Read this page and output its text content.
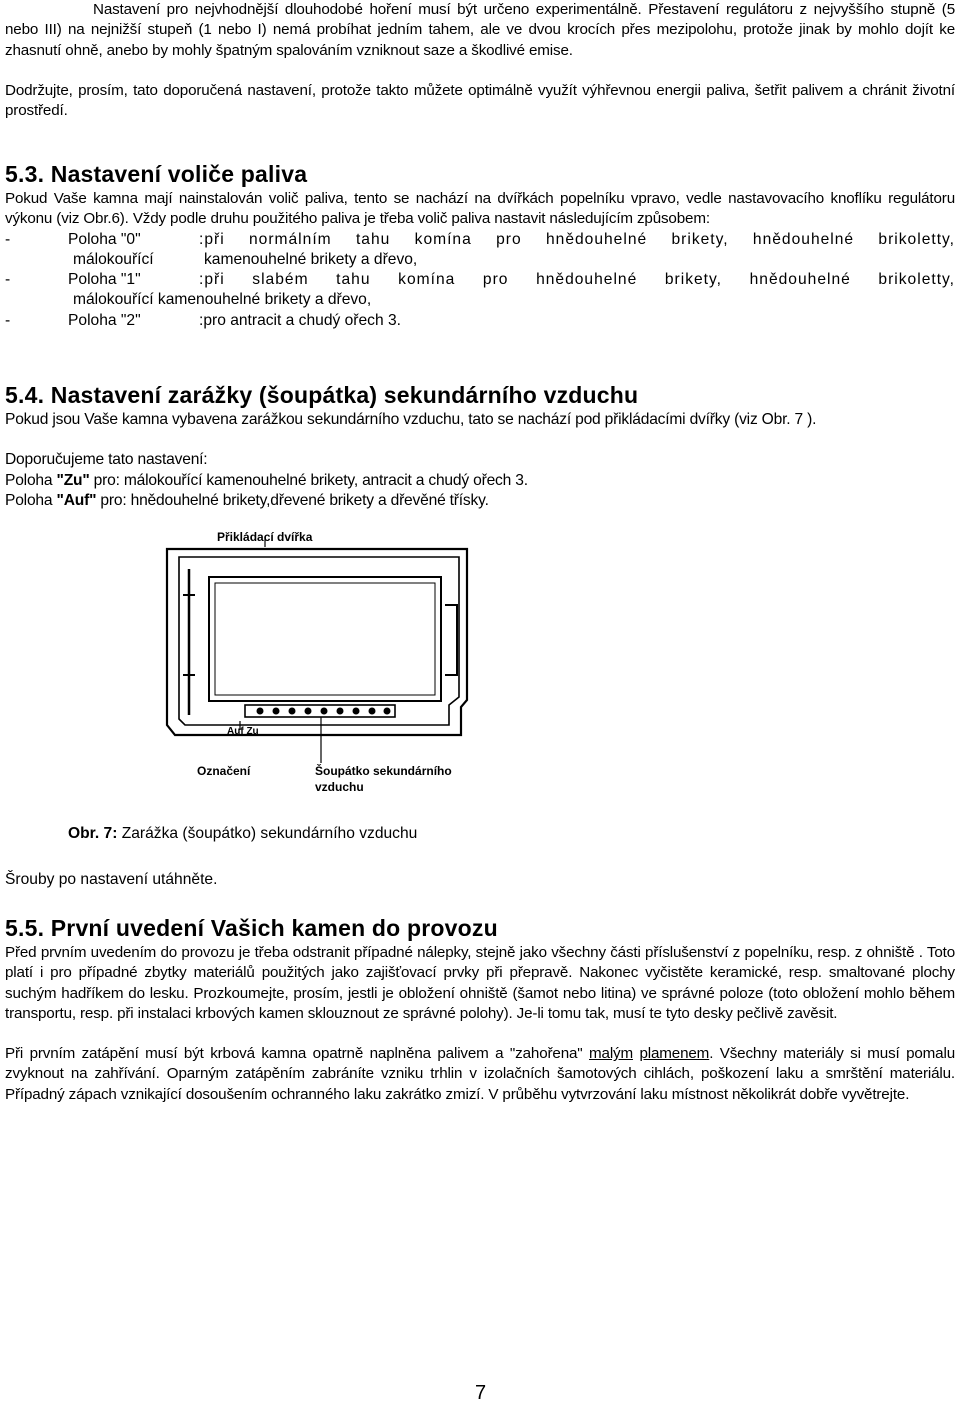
Nastavení pro nejvhodnější dlouhodobé hoření musí být určeno experimentálně. Přestavení regulátoru z nejvyššího stupně (5 nebo III) na nejnižší stupeň (1 nebo I) nemá probíhat jedním tahem, ale ve dvou krocích přes mezipolohu, protože jinak by mohlo dojít ke zhasnutí ohně, anebo by mohly špatným spalováním vzniknout saze a škodlivé emise.

Dodržujte, prosím, tato doporučená nastavení, protože takto můžete optimálně využít výhřevnou energii paliva, šetřit palivem a chránit životní prostředí.

5.3. Nastavení voliče paliva

Pokud Vaše kamna mají nainstalován volič paliva, tento se nachází na dvířkách popelníku vpravo, vedle nastavovacího knoflíku regulátoru výkonu (viz Obr.6). Vždy podle druhu použitého paliva je třeba volič paliva nastavit následujícím způsobem:

-	Poloha "0"	:při normálním tahu komína pro hnědouhelné brikety, hnědouhelné brikoletty,
málokouřící	kamenouhelné brikety a dřevo,
-	Poloha "1"	:při slabém tahu komína pro hnědouhelné brikety, hnědouhelné brikoletty,
málokouřící kamenouhelné brikety a dřevo,
-	Poloha "2"	:pro antracit a chudý ořech 3.

5.4. Nastavení zarážky (šoupátka) sekundárního vzduchu

Pokud jsou Vaše kamna vybavena zarážkou sekundárního vzduchu, tato se nachází pod přikládacími dvířky (viz Obr. 7 ).

Doporučujeme tato nastavení:

Poloha "Zu" pro: málokouřící kamenouhelné brikety, antracit a chudý ořech 3.

Poloha "Auf" pro: hnědouhelné brikety,dřevené brikety a dřevěné třísky.

Přikládací dvířka
Auf Zu
Označení	Šoupátko sekundárního
vzduchu

Obr. 7: Zarážka (šoupátko) sekundárního vzduchu

Šrouby po nastavení utáhněte.

5.5. První uvedení Vašich kamen do provozu

Před prvním uvedením do provozu je třeba odstranit případné nálepky, stejně jako všechny části příslušenství z popelníku, resp. z ohniště . Toto platí i pro případné zbytky materiálů použitých jako zajišťovací prvky při přepravě. Nakonec vyčistěte keramické, resp. smaltované plochy suchým hadříkem do lesku. Prozkoumejte, prosím, jestli je obložení ohniště (šamot nebo litina) ve správné poloze (toto obložení mohlo během transportu, resp. při instalaci krbových kamen sklouznout ze správné polohy). Je-li tomu tak, musí te tyto desky pečlivě zavěsit.

Při prvním zatápění musí být krbová kamna opatrně naplněna palivem a "zahořena" malým plamenem. Všechny materiály si musí pomalu zvyknout na zahřívání. Oparným zatápěním zabráníte vzniku trhlin v izolačních šamotových cihlách, poškození laku a smrštění materiálu. Případný zápach vznikající dosoušením ochranného laku zakrátko zmizí. V průběhu vytvrzování laku místnost několikrát dobře vyvětrejte.

7
